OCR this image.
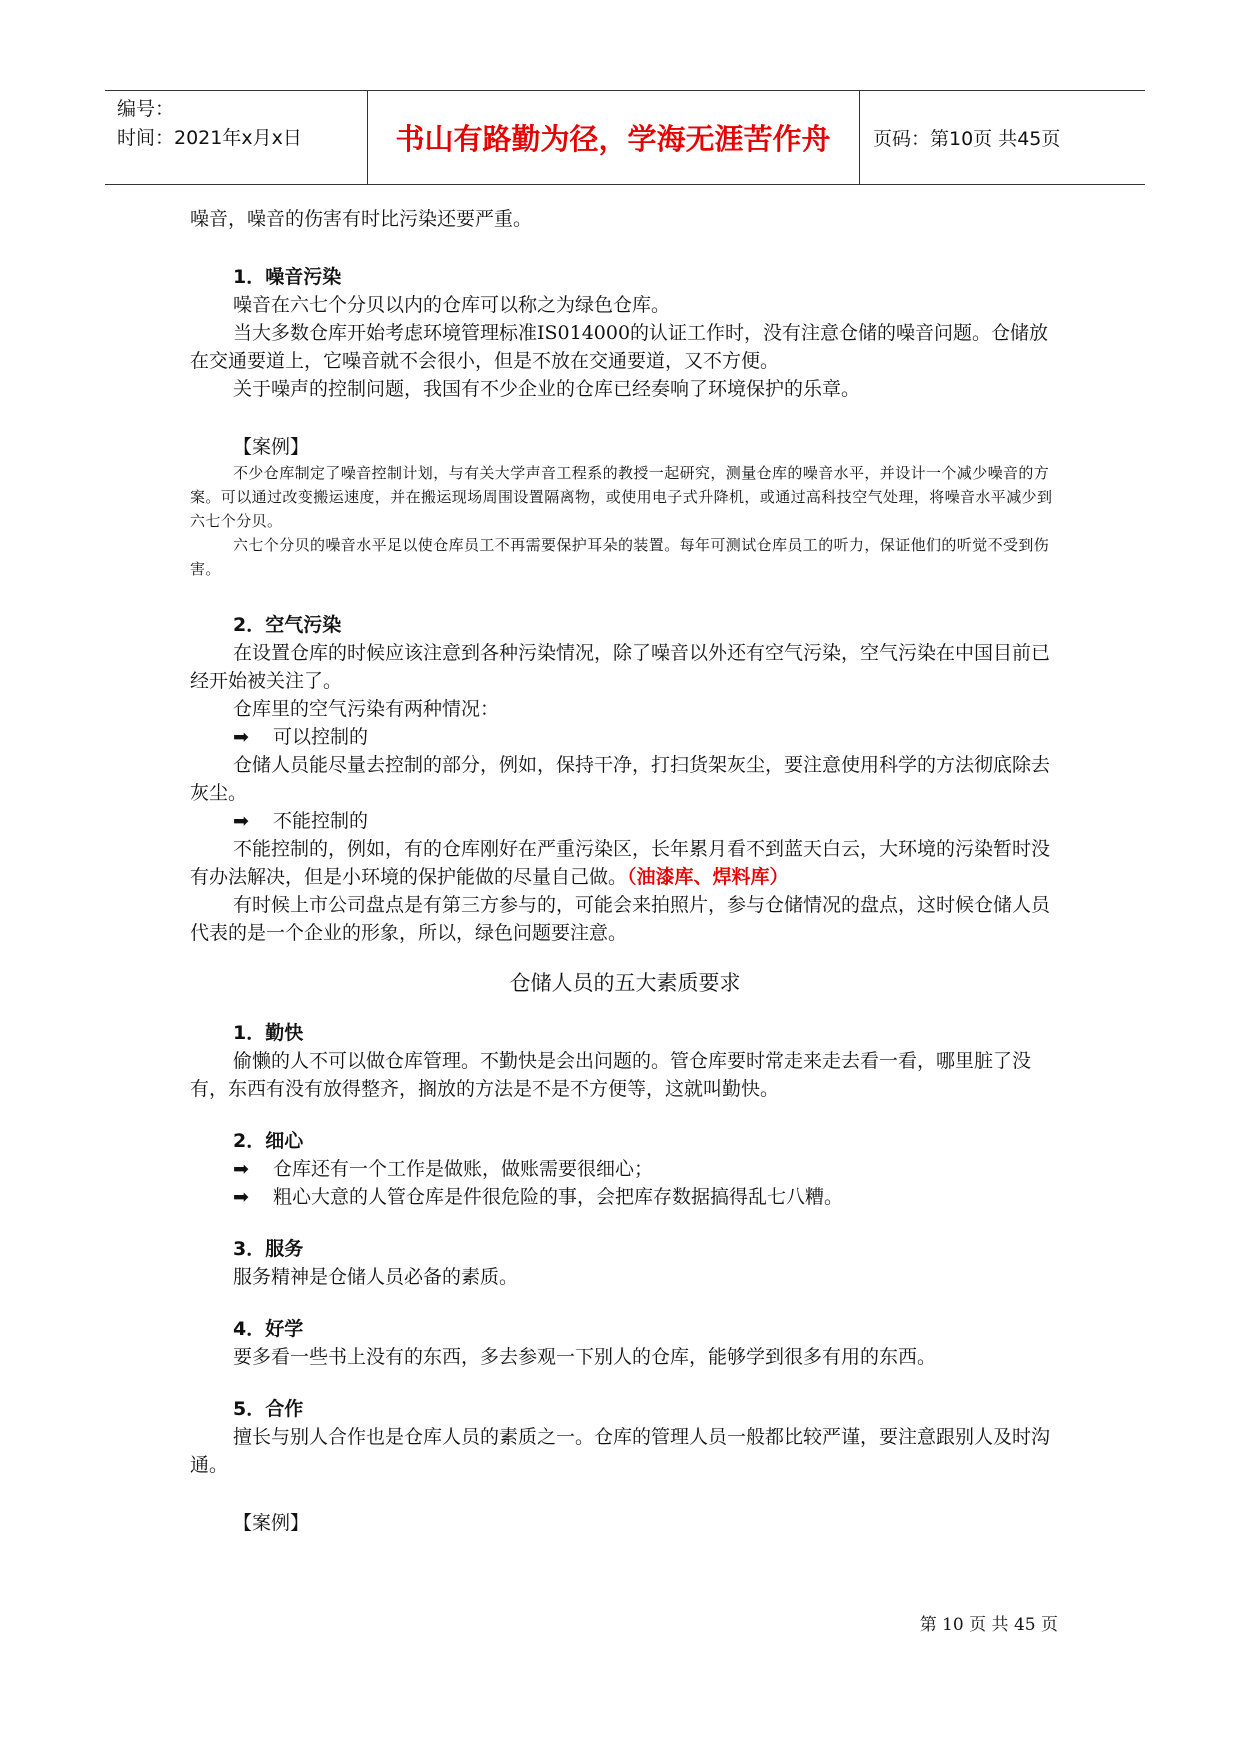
编号：
时间：2021年x月x日	书山有路勤为径，学海无涯苦作舟	页码：第10页 共45页

噪音，噪音的伤害有时比污染还要严重。

1．噪音污染

噪音在六七个分贝以内的仓库可以称之为绿色仓库。

当大多数仓库开始考虑环境管理标准IS014000的认证工作时，没有注意仓储的噪音问题。仓储放在交通要道上，它噪音就不会很小，但是不放在交通要道，又不方便。

关于噪声的控制问题，我国有不少企业的仓库已经奏响了环境保护的乐章。

【案例】

不少仓库制定了噪音控制计划，与有关大学声音工程系的教授一起研究，测量仓库的噪音水平，并设计一个减少噪音的方案。可以通过改变搬运速度，并在搬运现场周围设置隔离物，或使用电子式升降机，或通过高科技空气处理，将噪音水平减少到六七个分贝。

六七个分贝的噪音水平足以使仓库员工不再需要保护耳朵的装置。每年可测试仓库员工的听力，保证他们的听觉不受到伤害。

2．空气污染

在设置仓库的时候应该注意到各种污染情况，除了噪音以外还有空气污染，空气污染在中国目前已经开始被关注了。

仓库里的空气污染有两种情况：

➡ 可以控制的

仓储人员能尽量去控制的部分，例如，保持干净，打扫货架灰尘，要注意使用科学的方法彻底除去灰尘。

➡ 不能控制的

不能控制的，例如，有的仓库刚好在严重污染区，长年累月看不到蓝天白云，大环境的污染暂时没有办法解决，但是小环境的保护能做的尽量自己做。（油漆库、焊料库）

有时候上市公司盘点是有第三方参与的，可能会来拍照片，参与仓储情况的盘点，这时候仓储人员代表的是一个企业的形象，所以，绿色问题要注意。

仓储人员的五大素质要求

1．勤快

偷懒的人不可以做仓库管理。不勤快是会出问题的。管仓库要时常走来走去看一看，哪里脏了没有，东西有没有放得整齐，搁放的方法是不是不方便等，这就叫勤快。

2．细心

➡ 仓库还有一个工作是做账，做账需要很细心；

➡ 粗心大意的人管仓库是件很危险的事，会把库存数据搞得乱七八糟。

3．服务

服务精神是仓储人员必备的素质。

4．好学

要多看一些书上没有的东西，多去参观一下别人的仓库，能够学到很多有用的东西。

5．合作

擅长与别人合作也是仓库人员的素质之一。仓库的管理人员一般都比较严谨，要注意跟别人及时沟通。

【案例】

第 10 页 共 45 页
